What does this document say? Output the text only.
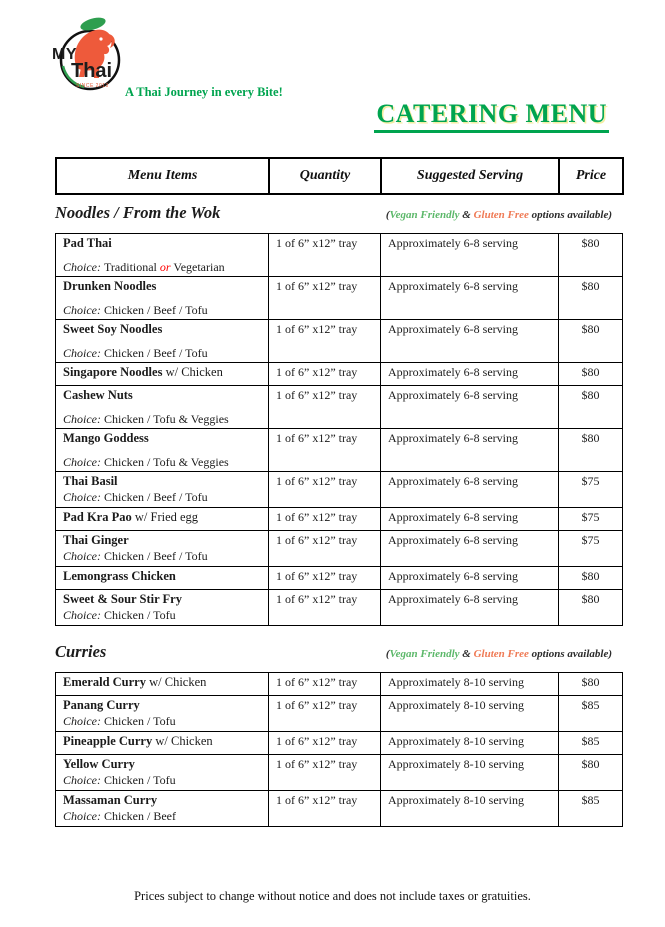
MY
Thai
SINCE 2013 A Thai Journey in every Bite!
CATERING MENU
Menu Items	Quantity	Suggested Serving	Price
Noodles / From the Wok	(Vegan Friendly & Gluten Free options available)
Pad Thai
Choice: Traditional or Vegetarian	1 of 6” x12” tray	Approximately 6-8 serving	$80

Drunken Noodles
Choice: Chicken / Beef / Tofu	1 of 6” x12” tray	Approximately 6-8 serving	$80

Sweet Soy Noodles
Choice: Chicken / Beef / Tofu	1 of 6” x12” tray	Approximately 6-8 serving	$80

Singapore Noodles w/ Chicken	1 of 6” x12” tray	Approximately 6-8 serving	$80

Cashew Nuts
Choice: Chicken / Tofu & Veggies	1 of 6” x12” tray	Approximately 6-8 serving	$80

Mango Goddess
Choice: Chicken / Tofu & Veggies	1 of 6” x12” tray	Approximately 6-8 serving	$80

Thai Basil
Choice: Chicken / Beef / Tofu	1 of 6” x12” tray	Approximately 6-8 serving	$75

Pad Kra Pao w/ Fried egg	1 of 6” x12” tray	Approximately 6-8 serving	$75

Thai Ginger
Choice: Chicken / Beef / Tofu	1 of 6” x12” tray	Approximately 6-8 serving	$75

Lemongrass Chicken	1 of 6” x12” tray	Approximately 6-8 serving	$80

Sweet & Sour Stir Fry
Choice: Chicken / Tofu	1 of 6” x12” tray	Approximately 6-8 serving	$80
Curries	(Vegan Friendly & Gluten Free options available)
Emerald Curry w/ Chicken	1 of 6” x12” tray	Approximately 8-10 serving	$80

Panang Curry
Choice: Chicken / Tofu	1 of 6” x12” tray	Approximately 8-10 serving	$85

Pineapple Curry w/ Chicken	1 of 6” x12” tray	Approximately 8-10 serving	$85

Yellow Curry
Choice: Chicken / Tofu	1 of 6” x12” tray	Approximately 8-10 serving	$80

Massaman Curry
Choice: Chicken / Beef	1 of 6” x12” tray	Approximately 8-10 serving	$85
Prices subject to change without notice and does not include taxes or gratuities.
